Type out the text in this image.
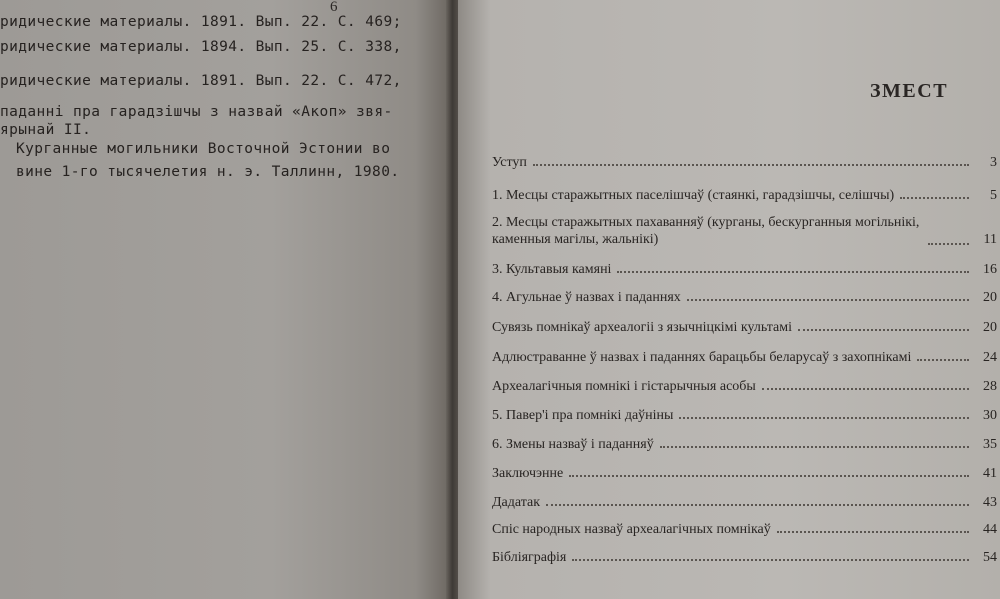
6
ридические материалы. 1891. Вып. 22. С. 469;
ридические материалы. 1894. Вып. 25. С. 338,
ридические материалы. 1891. Вып. 22. С. 472,
паданні пра гарадзішчы з назвай «Акоп» звя-
ярынай II.
Курганные могильники Восточной Эстонии во
вине 1-го тысячелетия н. э. Таллинн, 1980.
ЗМЕСТ
Уступ	3
1. Месцы старажытных паселішчаў (стаянкі, гарадзішчы, селішчы)	5
2. Месцы старажытных пахаванняў (курганы, бескурганныя могільнікі, каменныя магілы, жальнікі)	11
3. Культавыя камяні	16
4. Агульнае ў назвах і паданнях	20
Сувязь помнікаў археалогіі з язычніцкімі культамі	20
Адлюстраванне ў назвах і паданнях барацьбы беларусаў з захопнікамі	24
Археалагічныя помнікі і гістарычныя асобы	28
5. Павер'і пра помнікі даўніны	30
6. Змены назваў і паданняў	35
Заключэнне	41
Дадатак	43
Спіс народных назваў археалагічных помнікаў	44
Бібліяграфія	54
